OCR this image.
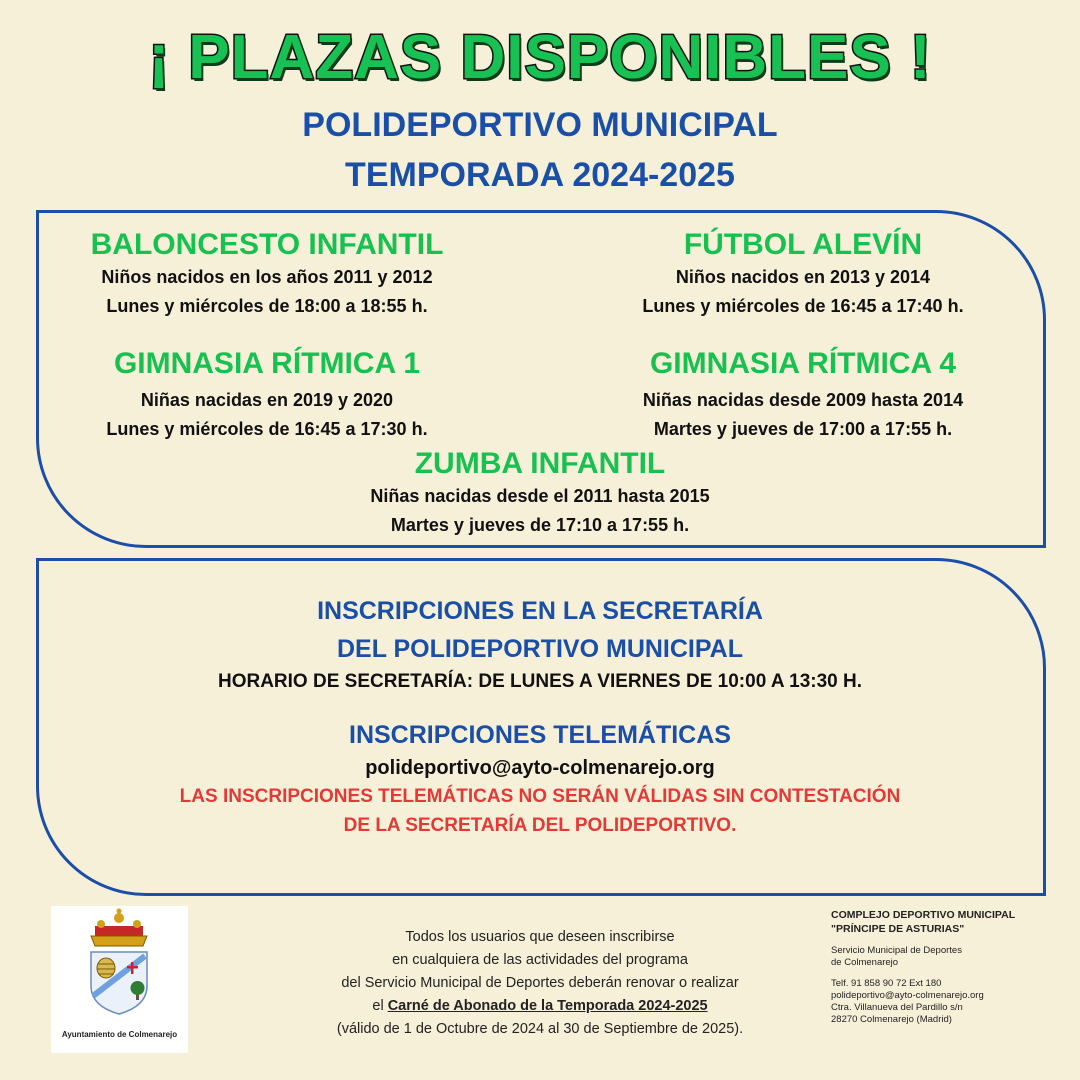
¡ PLAZAS DISPONIBLES !
POLIDEPORTIVO MUNICIPAL
TEMPORADA 2024-2025
BALONCESTO INFANTIL
Niños nacidos en los años 2011 y 2012
Lunes y miércoles de 18:00 a 18:55 h.
FÚTBOL ALEVÍN
Niños nacidos en 2013 y 2014
Lunes y miércoles de 16:45 a 17:40 h.
GIMNASIA RÍTMICA 1
Niñas nacidas en 2019 y 2020
Lunes y miércoles de 16:45 a 17:30 h.
GIMNASIA RÍTMICA 4
Niñas nacidas desde 2009 hasta 2014
Martes y jueves de 17:00 a 17:55 h.
ZUMBA INFANTIL
Niñas nacidas desde el 2011 hasta 2015
Martes y jueves de 17:10 a 17:55 h.
INSCRIPCIONES EN LA SECRETARÍA
DEL POLIDEPORTIVO MUNICIPAL
HORARIO DE SECRETARÍA: DE LUNES A VIERNES DE 10:00 A 13:30 H.
INSCRIPCIONES TELEMÁTICAS
polideportivo@ayto-colmenarejo.org
LAS INSCRIPCIONES TELEMÁTICAS NO SERÁN VÁLIDAS SIN CONTESTACIÓN
DE LA SECRETARÍA DEL POLIDEPORTIVO.
Ayuntamiento de Colmenarejo
Todos los usuarios que deseen inscribirse
en cualquiera de las actividades del programa
del Servicio Municipal de Deportes deberán renovar o realizar
el Carné de Abonado de la Temporada 2024-2025
(válido de 1 de Octubre de 2024 al 30 de Septiembre de 2025).
COMPLEJO DEPORTIVO MUNICIPAL
"PRÍNCIPE DE ASTURIAS"
Servicio Municipal de Deportes
de Colmenarejo
Telf. 91 858 90 72 Ext 180
polideportivo@ayto-colmenarejo.org
Ctra. Villanueva del Pardillo s/n
28270 Colmenarejo (Madrid)
